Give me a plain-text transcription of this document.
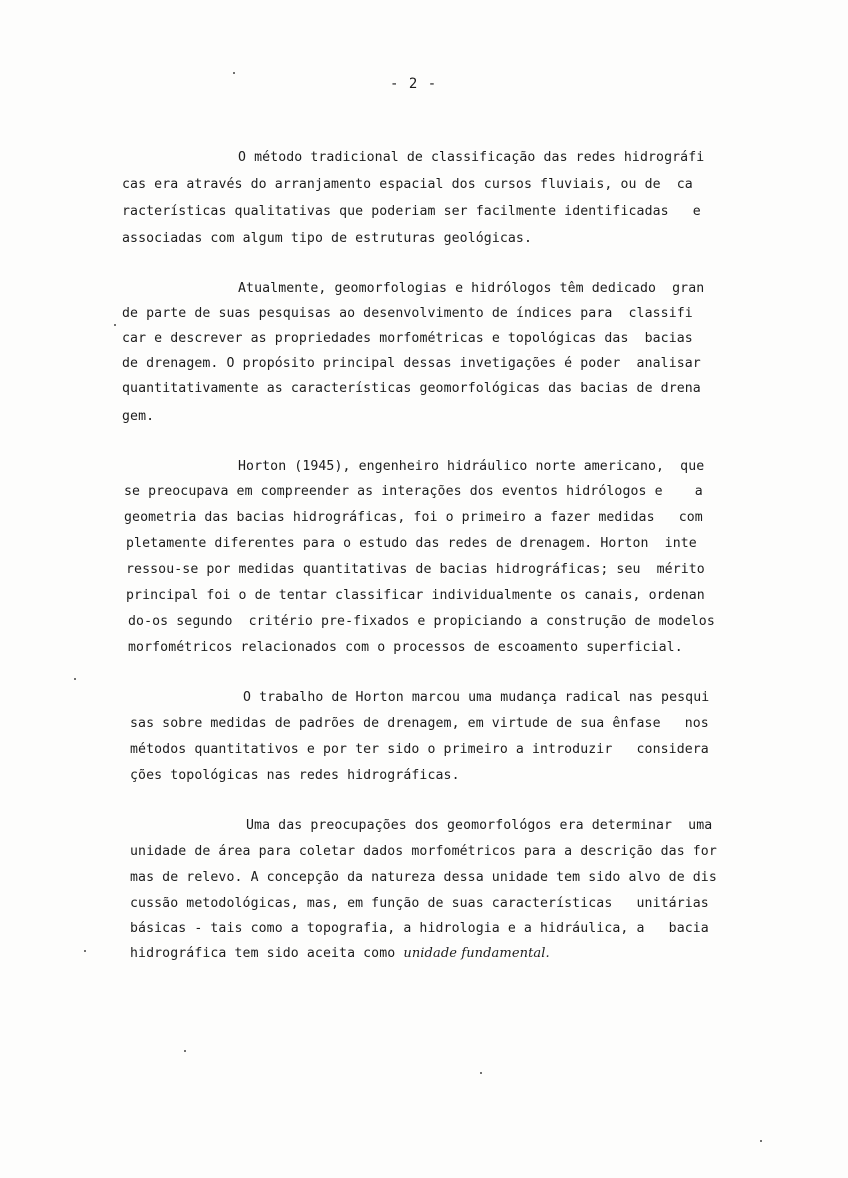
- 2 -
O método tradicional de classificação das redes hidrográfi
cas era através do arranjamento espacial dos cursos fluviais, ou de  ca
racterísticas qualitativas que poderiam ser facilmente identificadas   e
associadas com algum tipo de estruturas geológicas.
Atualmente, geomorfologias e hidrólogos têm dedicado  gran
de parte de suas pesquisas ao desenvolvimento de índices para  classifi
car e descrever as propriedades morfométricas e topológicas das  bacias
de drenagem. O propósito principal dessas invetigações é poder  analisar
quantitativamente as características geomorfológicas das bacias de drena
gem.
Horton (1945), engenheiro hidráulico norte americano,  que
se preocupava em compreender as interações dos eventos hidrólogos e    a
geometria das bacias hidrográficas, foi o primeiro a fazer medidas   com
pletamente diferentes para o estudo das redes de drenagem. Horton  inte
ressou-se por medidas quantitativas de bacias hidrográficas; seu  mérito
principal foi o de tentar classificar individualmente os canais, ordenan
do-os segundo  critério pre-fixados e propiciando a construção de modelos
morfométricos relacionados com o processos de escoamento superficial.
O trabalho de Horton marcou uma mudança radical nas pesqui
sas sobre medidas de padrões de drenagem, em virtude de sua ênfase   nos
métodos quantitativos e por ter sido o primeiro a introduzir   considera
ções topológicas nas redes hidrográficas.
Uma das preocupações dos geomorfológos era determinar  uma
unidade de área para coletar dados morfométricos para a descrição das for
mas de relevo. A concepção da natureza dessa unidade tem sido alvo de dis
cussão metodológicas, mas, em função de suas características   unitárias
básicas - tais como a topografia, a hidrologia e a hidráulica, a   bacia
hidrográfica tem sido aceita como unidade fundamental.
